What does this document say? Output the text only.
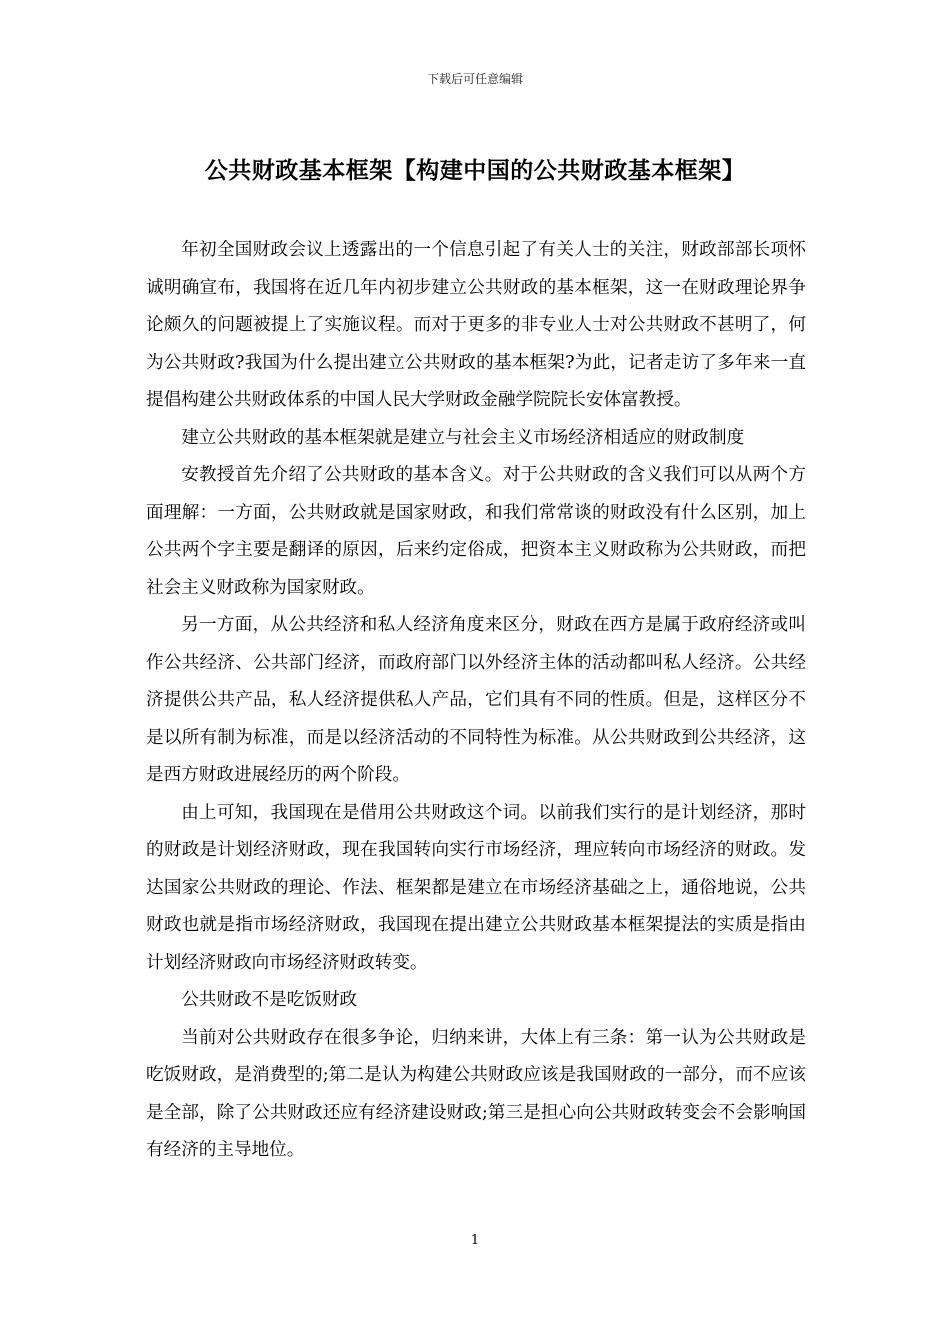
下载后可任意编辑
公共财政基本框架【构建中国的公共财政基本框架】

年初全国财政会议上透露出的一个信息引起了有关人士的关注，财政部部长项怀诚明确宣布，我国将在近几年内初步建立公共财政的基本框架，这一在财政理论界争论颇久的问题被提上了实施议程。而对于更多的非专业人士对公共财政不甚明了，何为公共财政?我国为什么提出建立公共财政的基本框架?为此，记者走访了多年来一直提倡构建公共财政体系的中国人民大学财政金融学院院长安体富教授。

建立公共财政的基本框架就是建立与社会主义市场经济相适应的财政制度

安教授首先介绍了公共财政的基本含义。对于公共财政的含义我们可以从两个方面理解：一方面，公共财政就是国家财政，和我们常常谈的财政没有什么区别，加上公共两个字主要是翻译的原因，后来约定俗成，把资本主义财政称为公共财政，而把社会主义财政称为国家财政。

另一方面，从公共经济和私人经济角度来区分，财政在西方是属于政府经济或叫作公共经济、公共部门经济，而政府部门以外经济主体的活动都叫私人经济。公共经济提供公共产品，私人经济提供私人产品，它们具有不同的性质。但是，这样区分不是以所有制为标准，而是以经济活动的不同特性为标准。从公共财政到公共经济，这是西方财政进展经历的两个阶段。

由上可知，我国现在是借用公共财政这个词。以前我们实行的是计划经济，那时的财政是计划经济财政，现在我国转向实行市场经济，理应转向市场经济的财政。发达国家公共财政的理论、作法、框架都是建立在市场经济基础之上，通俗地说，公共财政也就是指市场经济财政，我国现在提出建立公共财政基本框架提法的实质是指由计划经济财政向市场经济财政转变。

公共财政不是吃饭财政

当前对公共财政存在很多争论，归纳来讲，大体上有三条：第一认为公共财政是吃饭财政，是消费型的;第二是认为构建公共财政应该是我国财政的一部分，而不应该是全部，除了公共财政还应有经济建设财政;第三是担心向公共财政转变会不会影响国有经济的主导地位。

1
